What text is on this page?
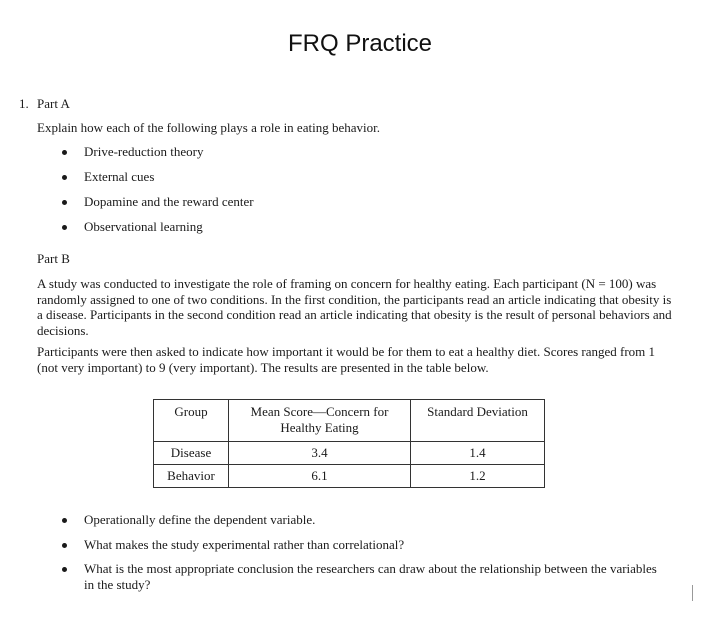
FRQ Practice
1. Part A
Explain how each of the following plays a role in eating behavior.
Drive-reduction theory
External cues
Dopamine and the reward center
Observational learning
Part B

A study was conducted to investigate the role of framing on concern for healthy eating. Each participant (N = 100) was randomly assigned to one of two conditions. In the first condition, the participants read an article indicating that obesity is a disease. Participants in the second condition read an article indicating that obesity is the result of personal behaviors and decisions.

Participants were then asked to indicate how important it would be for them to eat a healthy diet. Scores ranged from 1 (not very important) to 9 (very important). The results are presented in the table below.

Group	Mean Score—Concern for Healthy Eating	Standard Deviation
Disease	3.4	1.4
Behavior	6.1	1.2
Operationally define the dependent variable.
What makes the study experimental rather than correlational?
What is the most appropriate conclusion the researchers can draw about the relationship between the variables in the study?
